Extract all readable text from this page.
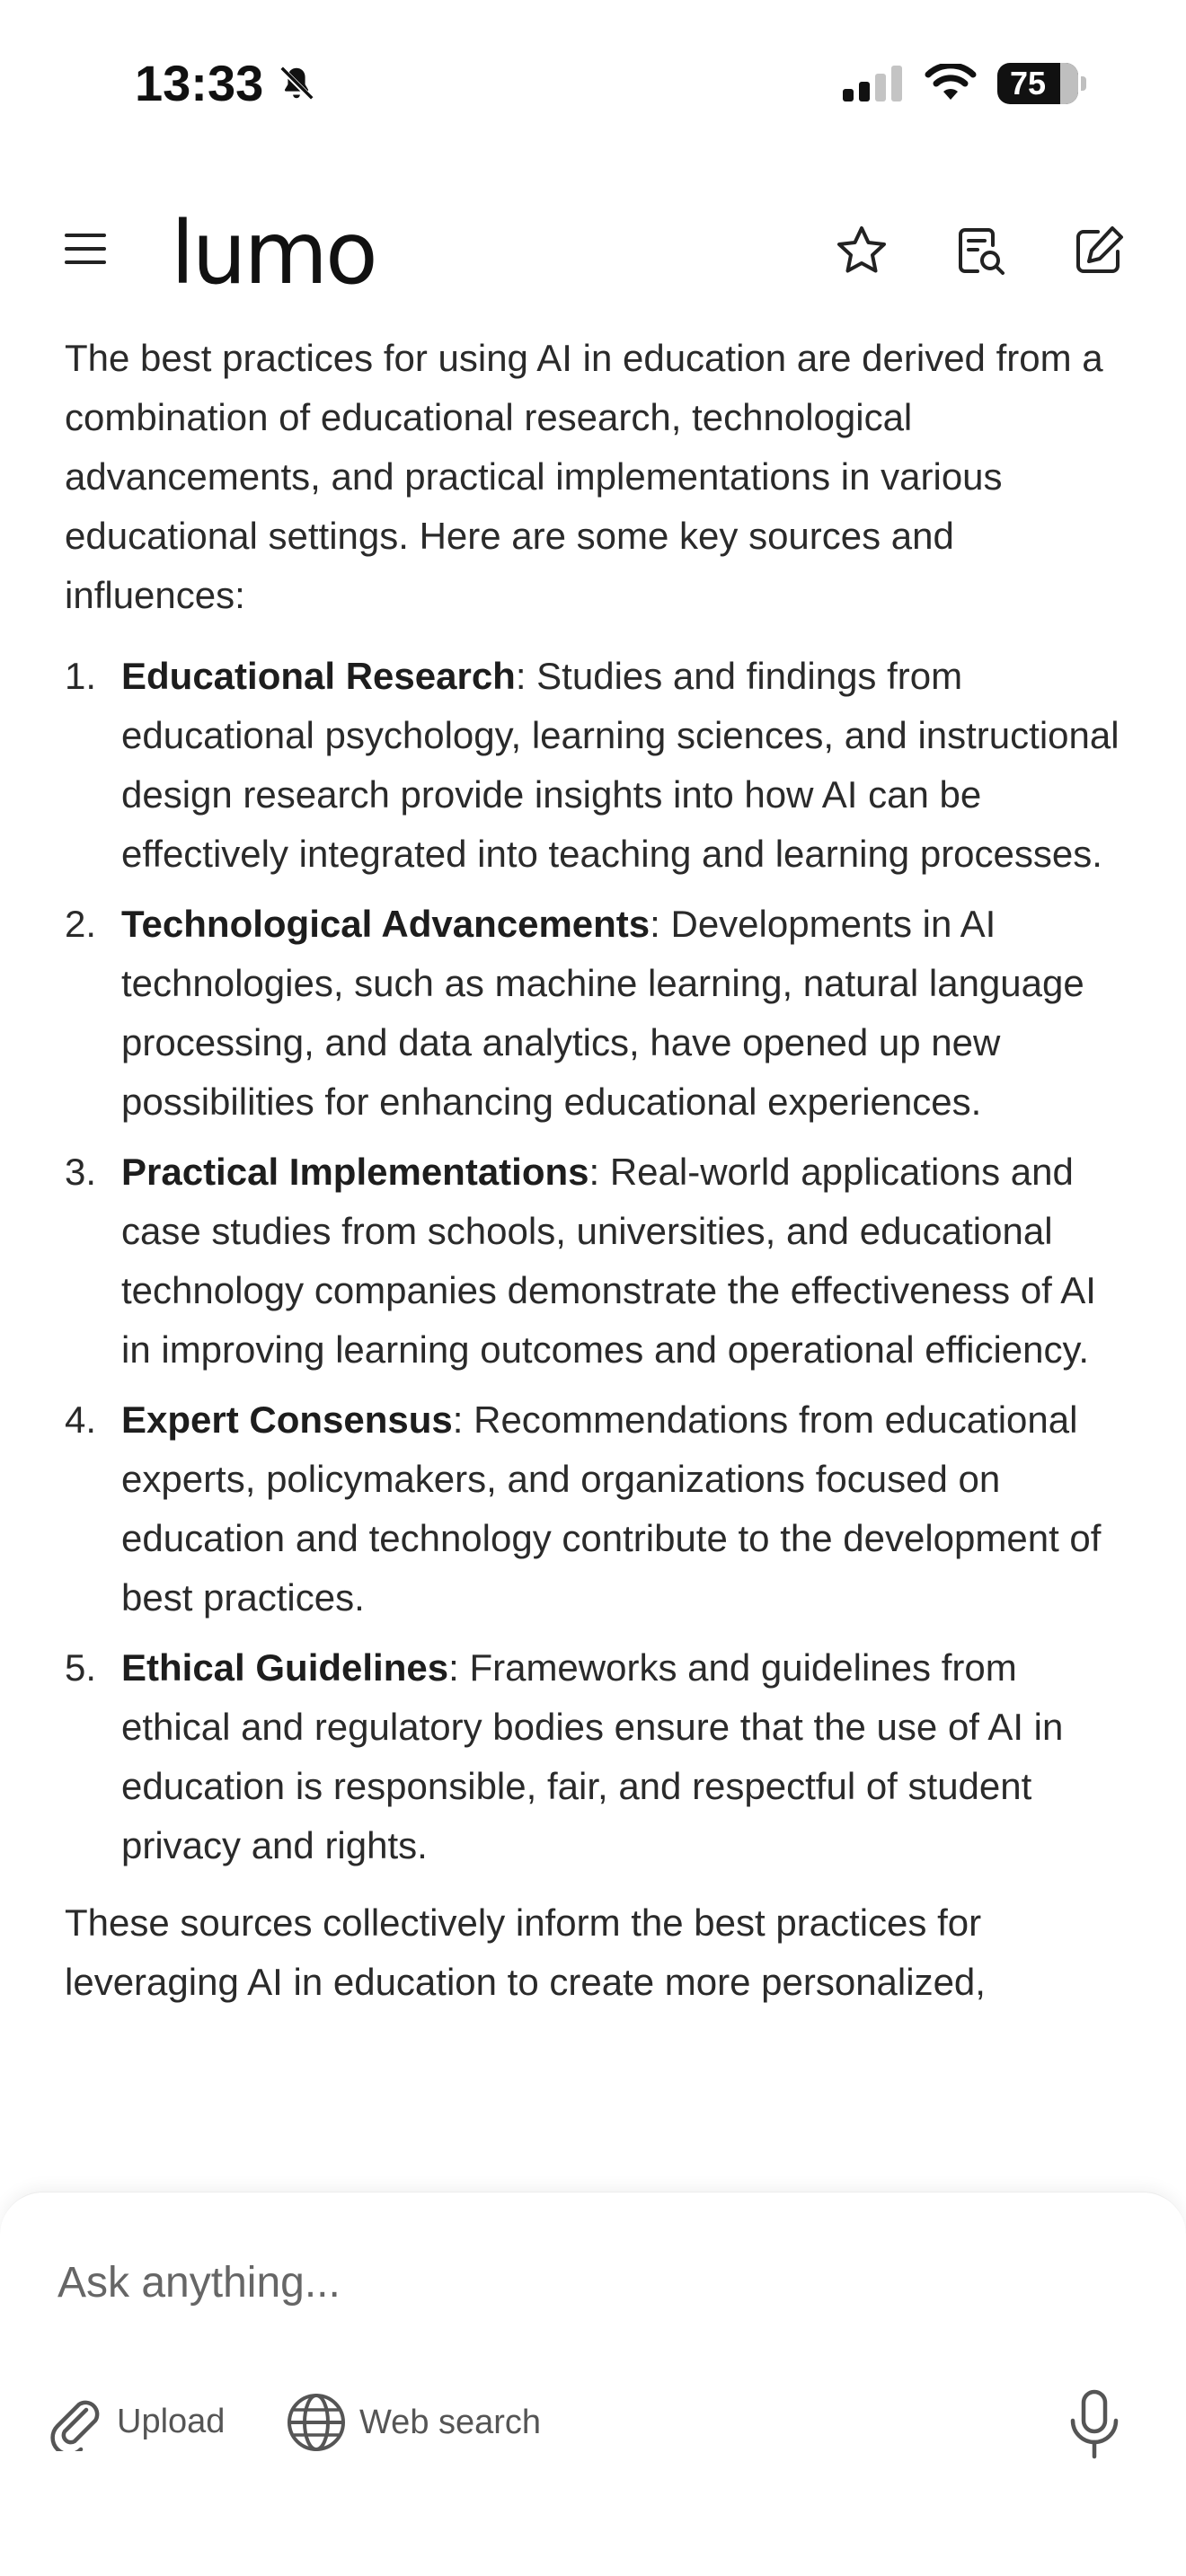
13:33	75
lumo

The best practices for using AI in education are derived from a combination of educational research, technological advancements, and practical implementations in various educational settings. Here are some key sources and influences:

1. Educational Research: Studies and findings from educational psychology, learning sciences, and instructional design research provide insights into how AI can be effectively integrated into teaching and learning processes.
2. Technological Advancements: Developments in AI technologies, such as machine learning, natural language processing, and data analytics, have opened up new possibilities for enhancing educational experiences.
3. Practical Implementations: Real-world applications and case studies from schools, universities, and educational technology companies demonstrate the effectiveness of AI in improving learning outcomes and operational efficiency.
4. Expert Consensus: Recommendations from educational experts, policymakers, and organizations focused on education and technology contribute to the development of best practices.
5. Ethical Guidelines: Frameworks and guidelines from ethical and regulatory bodies ensure that the use of AI in education is responsible, fair, and respectful of student privacy and rights.

These sources collectively inform the best practices for leveraging AI in education to create more personalized,

Ask anything...
Upload	Web search
